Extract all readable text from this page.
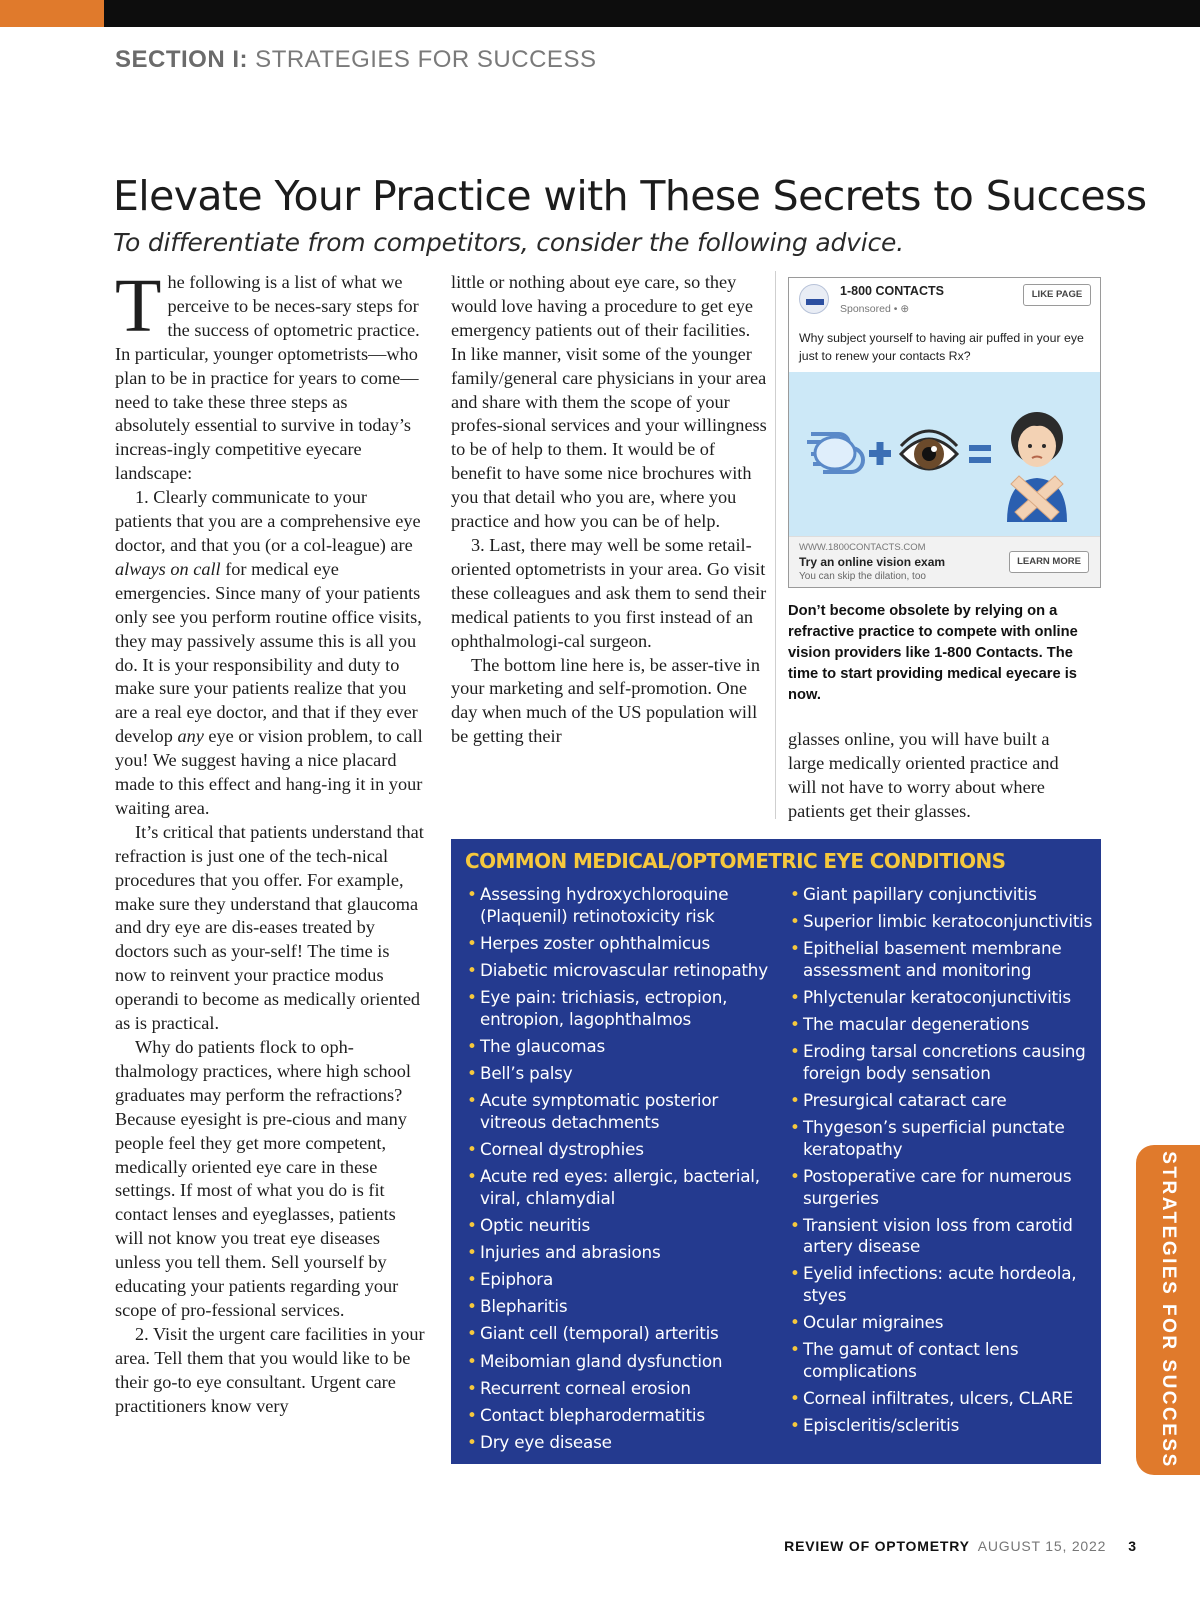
SECTION I: STRATEGIES FOR SUCCESS
Elevate Your Practice with These Secrets to Success
To differentiate from competitors, consider the following advice.

The following is a list of what we perceive to be neces-sary steps for the success of optometric practice. In particular, younger optometrists—who plan to be in practice for years to come—need to take these three steps as absolutely essential to survive in today’s increas-ingly competitive eyecare landscape:

1. Clearly communicate to your patients that you are a comprehensive eye doctor, and that you (or a col-league) are always on call for medical eye emergencies. Since many of your patients only see you perform routine office visits, they may passively assume this is all you do. It is your responsibility and duty to make sure your patients realize that you are a real eye doctor, and that if they ever develop any eye or vision problem, to call you! We suggest having a nice placard made to this effect and hang-ing it in your waiting area.

It’s critical that patients understand that refraction is just one of the tech-nical procedures that you offer. For example, make sure they understand that glaucoma and dry eye are dis-eases treated by doctors such as your-self! The time is now to reinvent your practice modus operandi to become as medically oriented as is practical.

Why do patients flock to oph-thalmology practices, where high school graduates may perform the refractions? Because eyesight is pre-cious and many people feel they get more competent, medically oriented eye care in these settings. If most of what you do is fit contact lenses and eyeglasses, patients will not know you treat eye diseases unless you tell them. Sell yourself by educating your patients regarding your scope of pro-fessional services.

2. Visit the urgent care facilities in your area. Tell them that you would like to be their go-to eye consultant. Urgent care practitioners know very

little or nothing about eye care, so they would love having a procedure to get eye emergency patients out of their facilities. In like manner, visit some of the younger family/general care physicians in your area and share with them the scope of your profes-sional services and your willingness to be of help to them. It would be of benefit to have some nice brochures with you that detail who you are, where you practice and how you can be of help.

3. Last, there may well be some retail-oriented optometrists in your area. Go visit these colleagues and ask them to send their medical patients to you first instead of an ophthalmologi-cal surgeon.

The bottom line here is, be asser-tive in your marketing and self-promotion. One day when much of the US population will be getting their

1-800 CONTACTS
Sponsored • ⊕
LIKE PAGE
Why subject yourself to having air puffed in your eye just to renew your contacts Rx?
WWW.1800CONTACTS.COM
Try an online vision exam
You can skip the dilation, too
LEARN MORE
Don’t become obsolete by relying on a refractive practice to compete with online vision providers like 1-800 Contacts. The time to start providing medical eyecare is now.

glasses online, you will have built a large medically oriented practice and will not have to worry about where patients get their glasses.

COMMON MEDICAL/OPTOMETRIC EYE CONDITIONS
• Assessing hydroxychloroquine (Plaquenil) retinotoxicity risk
• Herpes zoster ophthalmicus
• Diabetic microvascular retinopathy
• Eye pain: trichiasis, ectropion, entropion, lagophthalmos
• The glaucomas
• Bell’s palsy
• Acute symptomatic posterior vitreous detachments
• Corneal dystrophies
• Acute red eyes: allergic, bacterial, viral, chlamydial
• Optic neuritis
• Injuries and abrasions
• Epiphora
• Blepharitis
• Giant cell (temporal) arteritis
• Meibomian gland dysfunction
• Recurrent corneal erosion
• Contact blepharodermatitis
• Dry eye disease
• Giant papillary conjunctivitis
• Superior limbic keratoconjunctivitis
• Epithelial basement membrane assessment and monitoring
• Phlyctenular keratoconjunctivitis
• The macular degenerations
• Eroding tarsal concretions causing foreign body sensation
• Presurgical cataract care
• Thygeson’s superficial punctate keratopathy
• Postoperative care for numerous surgeries
• Transient vision loss from carotid artery disease
• Eyelid infections: acute hordeola, styes
• Ocular migraines
• The gamut of contact lens complications
• Corneal infiltrates, ulcers, CLARE
• Episcleritis/scleritis	STRATEGIES FOR SUCCESS
REVIEW OF OPTOMETRY AUGUST 15, 2022 3
